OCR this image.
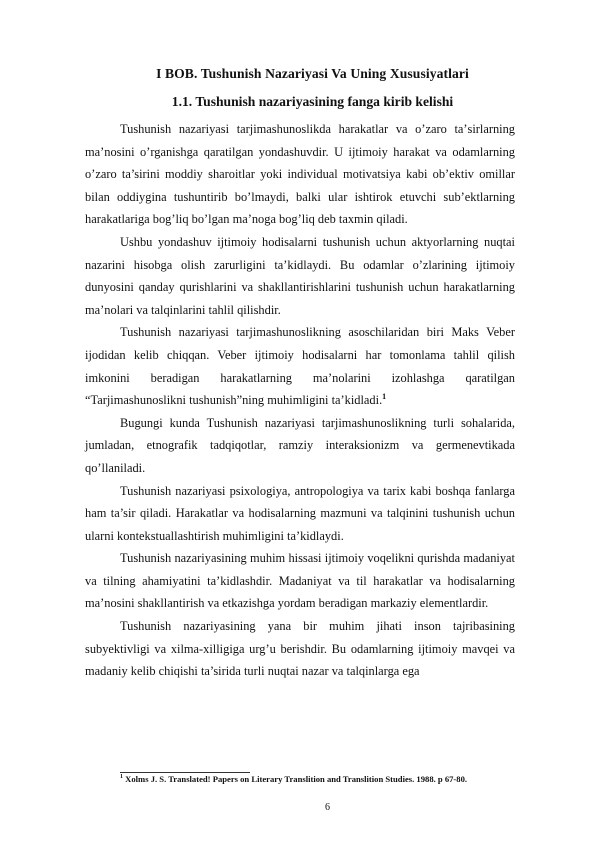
I BOB. Tushunish Nazariyasi Va Uning Xususiyatlari
1.1. Tushunish nazariyasining fanga kirib kelishi

Tushunish nazariyasi tarjimashunoslikda harakatlar va o’zaro taʼsirlarning maʼnosini o’rganishga qaratilgan yondashuvdir. U ijtimoiy harakat va odamlarning o’zaro ta’sirini moddiy sharoitlar yoki individual motivatsiya kabi ob’ektiv omillar bilan oddiygina tushuntirib bo’lmaydi, balki ular ishtirok etuvchi sub’ektlarning harakatlariga bog’liq bo’lgan ma’noga bog’liq deb taxmin qiladi.

Ushbu yondashuv ijtimoiy hodisalarni tushunish uchun aktyorlarning nuqtai nazarini hisobga olish zarurligini ta’kidlaydi. Bu odamlar o’zlarining ijtimoiy dunyosini qanday qurishlarini va shakllantirishlarini tushunish uchun harakatlarning ma’nolari va talqinlarini tahlil qilishdir.

Tushunish nazariyasi tarjimashunoslikning asoschilaridan biri Maks Veber ijodidan kelib chiqqan. Veber ijtimoiy hodisalarni har tomonlama tahlil qilish imkonini beradigan harakatlarning ma’nolarini izohlashga qaratilgan “Tarjimashunoslikni tushunish”ning muhimligini ta’kidladi.$^1$

Bugungi kunda Tushunish nazariyasi tarjimashunoslikning turli sohalarida, jumladan, etnografik tadqiqotlar, ramziy interaksionizm va germenevtikada qo’llaniladi.

Tushunish nazariyasi psixologiya, antropologiya va tarix kabi boshqa fanlarga ham ta’sir qiladi. Harakatlar va hodisalarning mazmuni va talqinini tushunish uchun ularni kontekstuallashtirish muhimligini ta’kidlaydi.

Tushunish nazariyasining muhim hissasi ijtimoiy voqelikni qurishda madaniyat va tilning ahamiyatini ta’kidlashdir. Madaniyat va til harakatlar va hodisalarning ma’nosini shakllantirish va etkazishga yordam beradigan markaziy elementlardir.

Tushunish nazariyasining yana bir muhim jihati inson tajribasining subyektivligi va xilma-xilligiga urg’u berishdir. Bu odamlarning ijtimoiy mavqei va madaniy kelib chiqishi ta’sirida turli nuqtai nazar va talqinlarga ega

$^1$ Xolms J. S. Translated! Papers on Literary Translition and Translition Studies. 1988. p 67-80.
6
